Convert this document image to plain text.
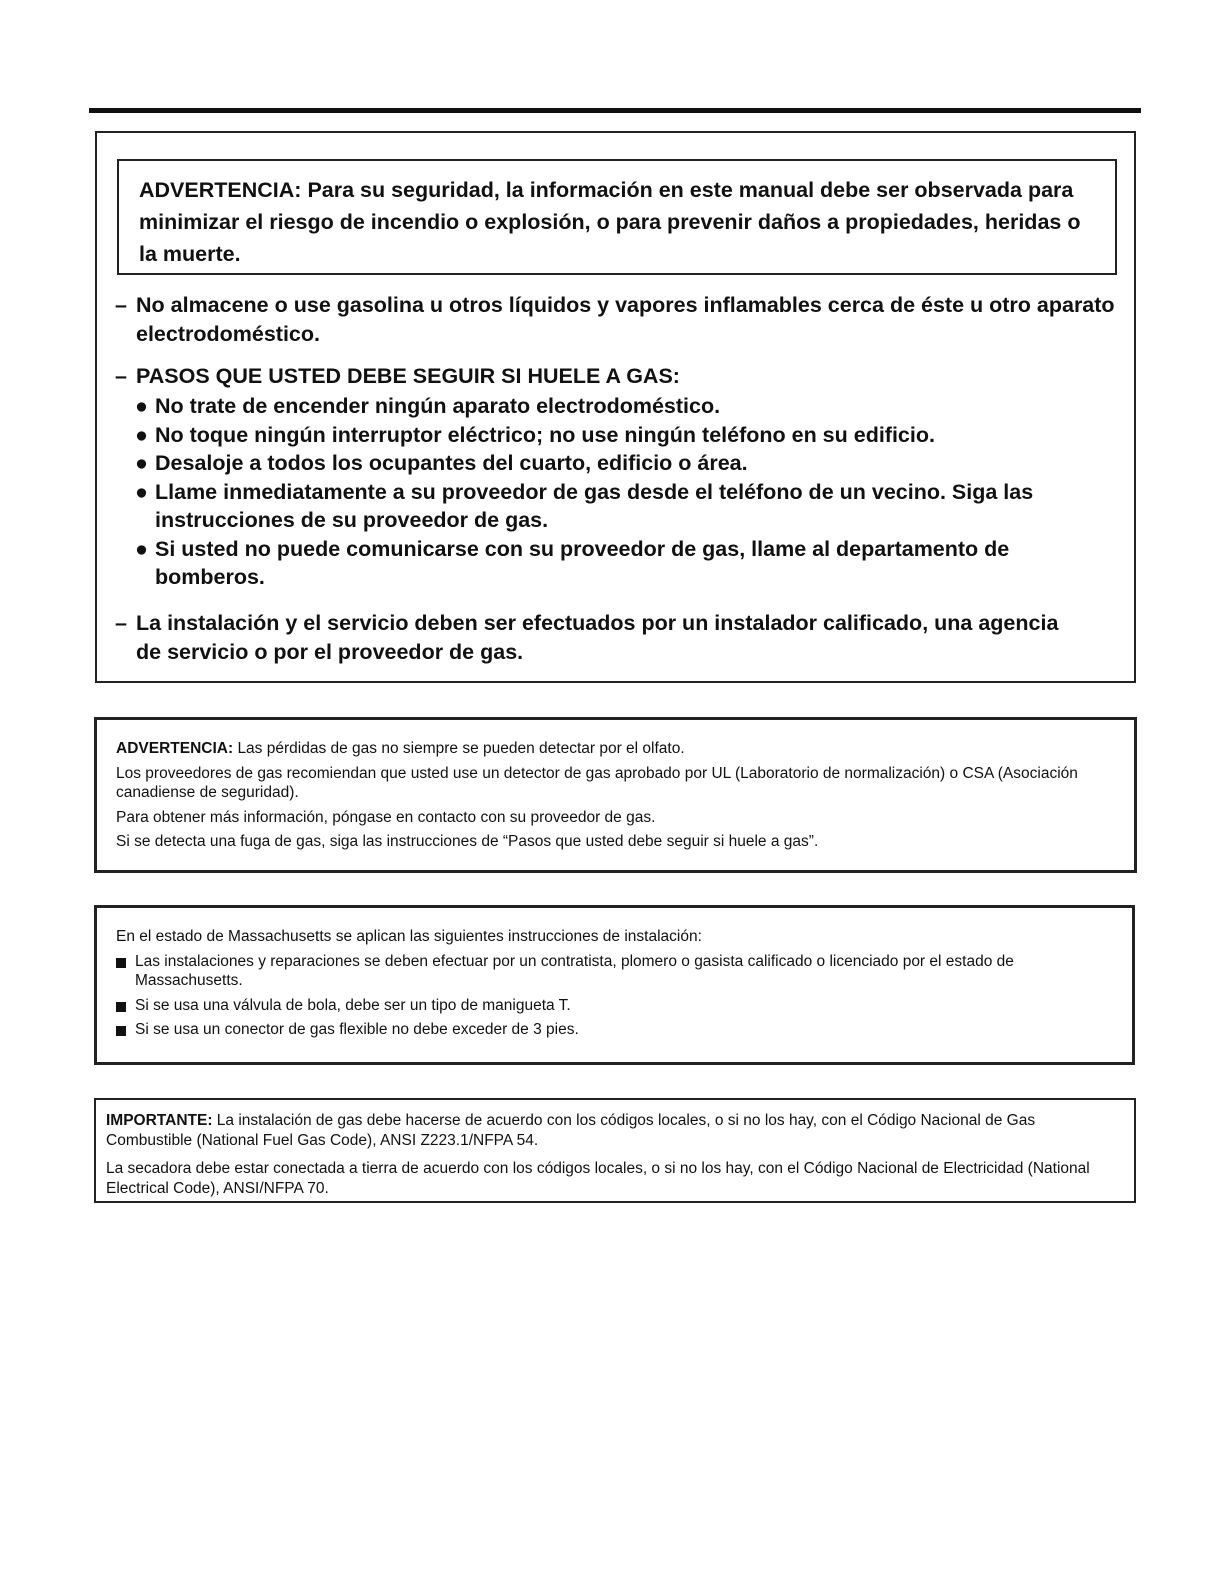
ADVERTENCIA: Para su seguridad, la información en este manual debe ser observada para minimizar el riesgo de incendio o explosión, o para prevenir daños a propiedades, heridas o la muerte.
– No almacene o use gasolina u otros líquidos y vapores inflamables cerca de éste u otro aparato electrodoméstico.
– PASOS QUE USTED DEBE SEGUIR SI HUELE A GAS:
● No trate de encender ningún aparato electrodoméstico.
● No toque ningún interruptor eléctrico; no use ningún teléfono en su edificio.
● Desaloje a todos los ocupantes del cuarto, edificio o área.
● Llame inmediatamente a su proveedor de gas desde el teléfono de un vecino. Siga las instrucciones de su proveedor de gas.
● Si usted no puede comunicarse con su proveedor de gas, llame al departamento de bomberos.
– La instalación y el servicio deben ser efectuados por un instalador calificado, una agencia de servicio o por el proveedor de gas.

ADVERTENCIA: Las pérdidas de gas no siempre se pueden detectar por el olfato.

Los proveedores de gas recomiendan que usted use un detector de gas aprobado por UL (Laboratorio de normalización) o CSA (Asociación canadiense de seguridad).

Para obtener más información, póngase en contacto con su proveedor de gas.

Si se detecta una fuga de gas, siga las instrucciones de “Pasos que usted debe seguir si huele a gas”.

En el estado de Massachusetts se aplican las siguientes instrucciones de instalación:

Las instalaciones y reparaciones se deben efectuar por un contratista, plomero o gasista calificado o licenciado por el estado de Massachusetts.
Si se usa una válvula de bola, debe ser un tipo de manigueta T.
Si se usa un conector de gas flexible no debe exceder de 3 pies.

IMPORTANTE: La instalación de gas debe hacerse de acuerdo con los códigos locales, o si no los hay, con el Código Nacional de Gas Combustible (National Fuel Gas Code), ANSI Z223.1/NFPA 54.

La secadora debe estar conectada a tierra de acuerdo con los códigos locales, o si no los hay, con el Código Nacional de Electricidad (National Electrical Code), ANSI/NFPA 70.
